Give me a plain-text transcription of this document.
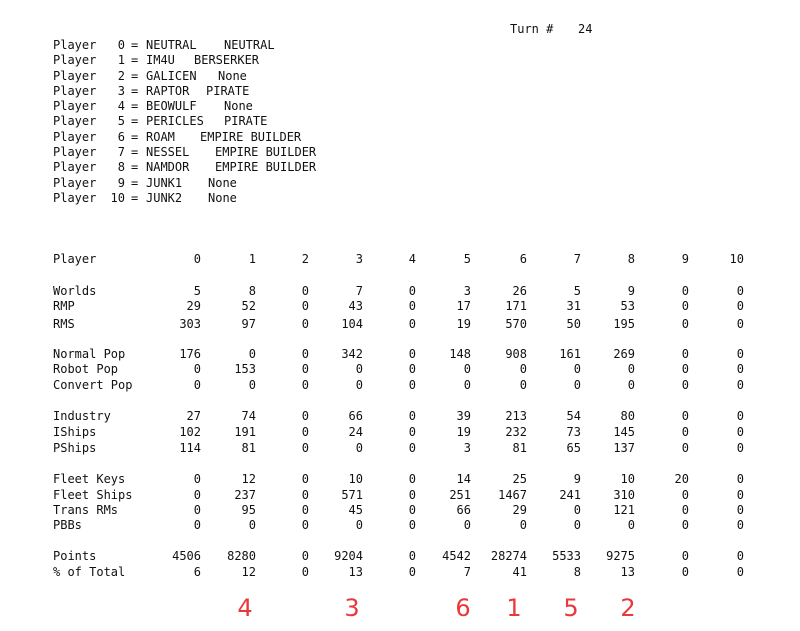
Turn # 24
Player	0 = NEUTRAL NEUTRAL
Player	1 = IM4U BERSERKER
Player	2 = GALICEN None
Player	3 = RAPTOR PIRATE
Player	4 = BEOWULF None
Player	5 = PERICLES PIRATE
Player	6 = ROAM EMPIRE BUILDER
Player	7 = NESSEL EMPIRE BUILDER
Player	8 = NAMDOR EMPIRE BUILDER
Player	9 = JUNK1 None
Player	10 = JUNK2 None
Player	0	1	2	3	4	5	6	7	8	9	10
Worlds	5	8	0	7	0	3	26	5	9	0	0
RMP	29	52	0	43	0	17	171	31	53	0	0
RMS	303	97	0	104	0	19	570	50	195	0	0
Normal Pop	176	0	0	342	0	148	908	161	269	0	0
Robot Pop	0	153	0	0	0	0	0	0	0	0	0
Convert Pop	0	0	0	0	0	0	0	0	0	0	0
Industry	27	74	0	66	0	39	213	54	80	0	0
IShips	102	191	0	24	0	19	232	73	145	0	0
PShips	114	81	0	0	0	3	81	65	137	0	0
Fleet Keys	0	12	0	10	0	14	25	9	10	20	0
Fleet Ships	0	237	0	571	0	251	1467	241	310	0	0
Trans RMs	0	95	0	45	0	66	29	0	121	0	0
PBBs	0	0	0	0	0	0	0	0	0	0	0
Points	4506	8280	0	9204	0	4542	28274	5533	9275	0	0
% of Total	6	12	0	13	0	7	41	8	13	0	0
4	3	6	1	5	2
